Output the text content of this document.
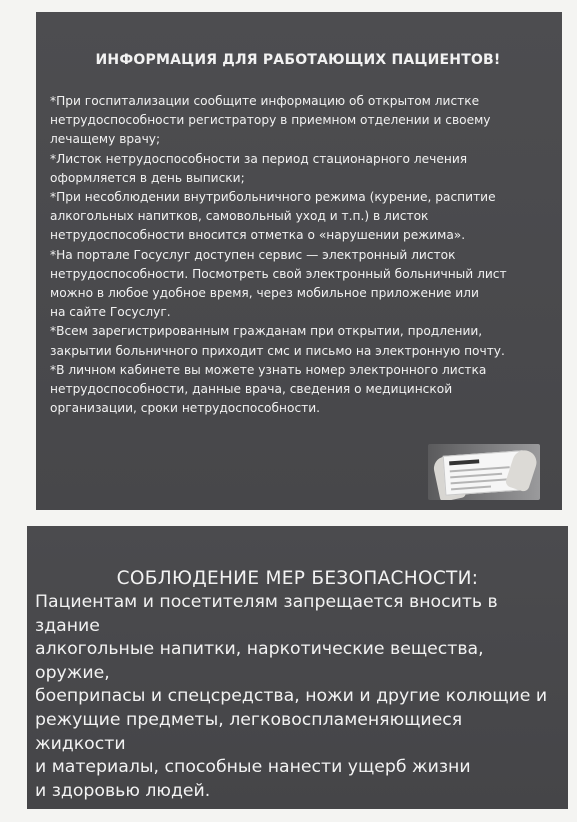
ИНФОРМАЦИЯ ДЛЯ РАБОТАЮЩИХ ПАЦИЕНТОВ!

*При госпитализации сообщите информацию об открытом листке
нетрудоспособности регистратору в приемном отделении и своему
лечащему врачу;

*Листок нетрудоспособности за период стационарного лечения
оформляется в день выписки;

*При несоблюдении внутрибольничного режима (курение, распитие
алкогольных напитков, самовольный уход и т.п.) в листок
нетрудоспособности вносится отметка о «нарушении режима».

*На портале Госуслуг доступен сервис — электронный листок
нетрудоспособности. Посмотреть свой электронный больничный лист
можно в любое удобное время, через мобильное приложение или
на сайте Госуслуг.

*Всем зарегистрированным гражданам при открытии, продлении,
закрытии больничного приходит смс и письмо на электронную почту.

*В личном кабинете вы можете узнать номер электронного листка
нетрудоспособности, данные врача, сведения о медицинской
организации, сроки нетрудоспособности.

СОБЛЮДЕНИЕ МЕР БЕЗОПАСНОСТИ:

Пациентам и посетителям запрещается вносить в здание
алкогольные напитки, наркотические вещества, оружие,
боеприпасы и спецсредства, ножи и другие колющие и
режущие предметы, легковоспламеняющиеся жидкости
и материалы, способные нанести ущерб жизни
и здоровью людей.
